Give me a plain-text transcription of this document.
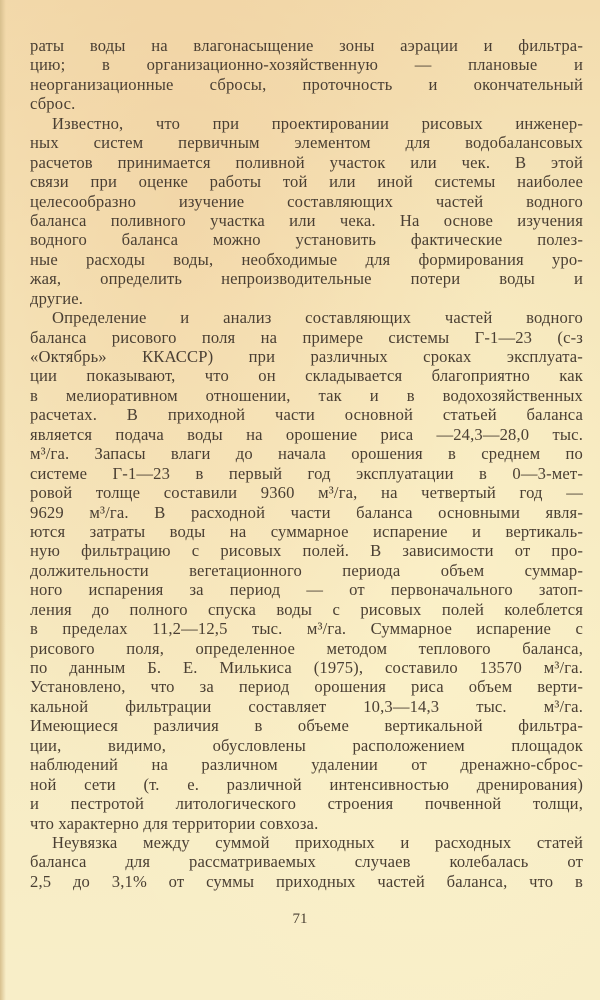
раты воды на влагонасыщение зоны аэрации и фильтра-
цию; в организационно-хозяйственную — плановые и
неорганизационные сбросы, проточность и окончательный
сброс.
Известно, что при проектировании рисовых инженер-
ных систем первичным элементом для водобалансовых
расчетов принимается поливной участок или чек. В этой
связи при оценке работы той или иной системы наиболее
целесообразно изучение составляющих частей водного
баланса поливного участка или чека. На основе изучения
водного баланса можно установить фактические полез-
ные расходы воды, необходимые для формирования уро-
жая, определить непроизводительные потери воды и
другие.
Определение и анализ составляющих частей водного
баланса рисового поля на примере системы Г-1—23 (с-з
«Октябрь» ККАССР) при различных сроках эксплуата-
ции показывают, что он складывается благоприятно как
в мелиоративном отношении, так и в водохозяйственных
расчетах. В приходной части основной статьей баланса
является подача воды на орошение риса —24,3—28,0 тыс.
м³/га. Запасы влаги до начала орошения в среднем по
системе Г-1—23 в первый год эксплуатации в 0—3-мет-
ровой толще составили 9360 м³/га, на четвертый год —
9629 м³/га. В расходной части баланса основными явля-
ются затраты воды на суммарное испарение и вертикаль-
ную фильтрацию с рисовых полей. В зависимости от про-
должительности вегетационного периода объем суммар-
ного испарения за период — от первоначального затоп-
ления до полного спуска воды с рисовых полей колеблется
в пределах 11,2—12,5 тыс. м³/га. Суммарное испарение с
рисового поля, определенное методом теплового баланса,
по данным Б. Е. Милькиса (1975), составило 13570 м³/га.
Установлено, что за период орошения риса объем верти-
кальной фильтрации составляет 10,3—14,3 тыс. м³/га.
Имеющиеся различия в объеме вертикальной фильтра-
ции, видимо, обусловлены расположением площадок
наблюдений на различном удалении от дренажно-сброс-
ной сети (т. е. различной интенсивностью дренирования)
и пестротой литологического строения почвенной толщи,
что характерно для территории совхоза.
Неувязка между суммой приходных и расходных статей
баланса для рассматриваемых случаев колебалась от
2,5 до 3,1% от суммы приходных частей баланса, что в
71
